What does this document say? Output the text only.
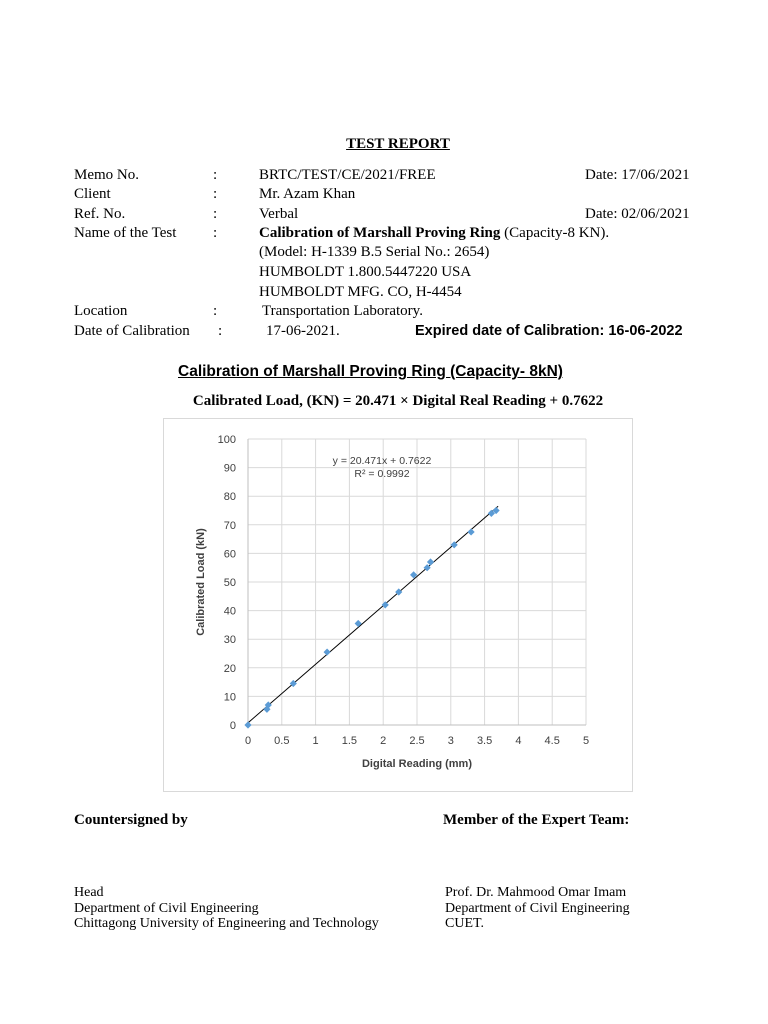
TEST REPORT
Memo No.	:	BRTC/TEST/CE/2021/FREE	Date: 17/06/2021
Client	:	Mr. Azam Khan
Ref. No.	:	Verbal	Date: 02/06/2021
Name of the Test :	Calibration of Marshall Proving Ring (Capacity-8 KN).
(Model: H-1339 B.5 Serial No.: 2654)
HUMBOLDT 1.800.5447220 USA
HUMBOLDT MFG. CO, H-4454
Location	:	Transportation Laboratory.
Date of Calibration :	17-06-2021.	Expired date of Calibration: 16-06-2022
Calibration of Marshall Proving Ring (Capacity- 8kN)
Calibrated Load, (KN) = 20.471 × Digital Real Reading + 0.7622
0 0.5 1 1.5 2 2.5 3 3.5 4 4.5 5
0
10
20
30
40
50
60
70
80
90
100
y = 20.471x + 0.7622
R² = 0.9992
Digital Reading (mm)
Calibrated Load (kN)
Countersigned by	Member of the Expert Team:
Head
Department of Civil Engineering
Chittagong University of Engineering and Technology
Prof. Dr. Mahmood Omar Imam
Department of Civil Engineering
CUET.
